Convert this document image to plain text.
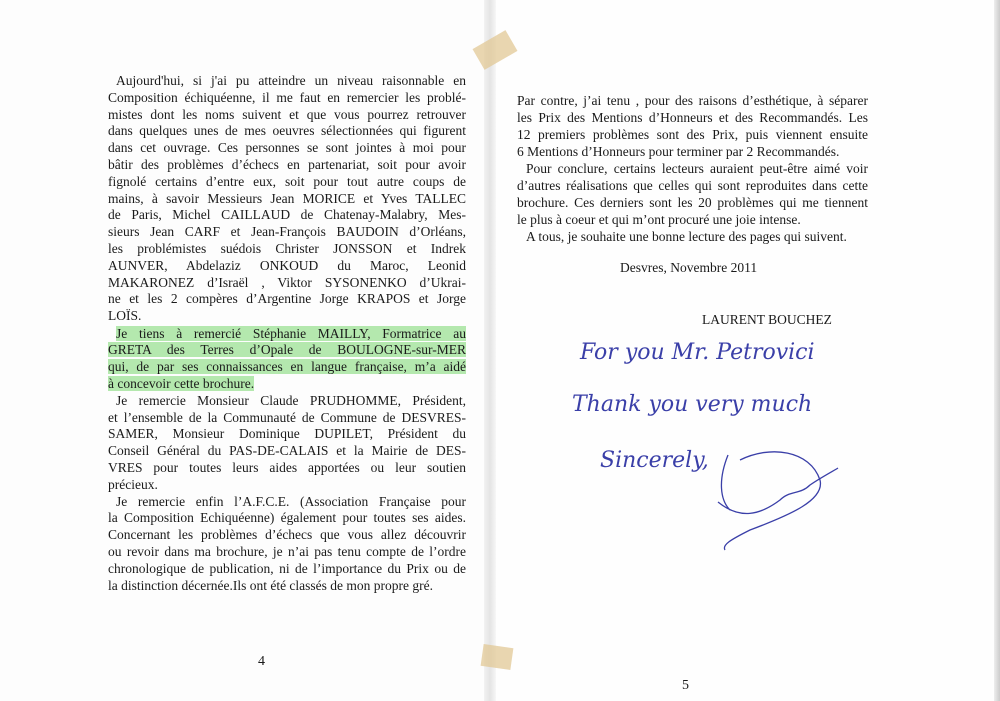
Aujourd'hui, si j'ai pu atteindre un niveau raisonnable en
Composition échiquéenne, il me faut en remercier les problé-
mistes dont les noms suivent et que vous pourrez retrouver
dans quelques unes de mes oeuvres sélectionnées qui figurent
dans cet ouvrage. Ces personnes se sont jointes à moi pour
bâtir des problèmes d’échecs en partenariat, soit pour avoir
fignolé certains d’entre eux, soit pour tout autre coups de
mains, à savoir Messieurs Jean MORICE et Yves TALLEC
de Paris, Michel CAILLAUD de Chatenay-Malabry, Mes-
sieurs Jean CARF et Jean-François BAUDOIN d’Orléans,
les problémistes suédois Christer JONSSON et Indrek
AUNVER, Abdelaziz ONKOUD du Maroc, Leonid
MAKARONEZ d’Israël , Viktor SYSONENKO d’Ukrai-
ne et les 2 compères d’Argentine Jorge KRAPOS et Jorge
LOÏS.
Je tiens à remercié Stéphanie MAILLY, Formatrice au
GRETA des Terres d’Opale de BOULOGNE-sur-MER
qui, de par ses connaissances en langue française, m’a aidé
à concevoir cette brochure.
Je remercie Monsieur Claude PRUDHOMME, Président,
et l’ensemble de la Communauté de Commune de DESVRES-
SAMER, Monsieur Dominique DUPILET, Président du
Conseil Général du PAS-DE-CALAIS et la Mairie de DES-
VRES pour toutes leurs aides apportées ou leur soutien
précieux.
Je remercie enfin l’A.F.C.E. (Association Française pour
la Composition Echiquéenne) également pour toutes ses aides.
Concernant les problèmes d’échecs que vous allez découvrir
ou revoir dans ma brochure, je n’ai pas tenu compte de l’ordre
chronologique de publication, ni de l’importance du Prix ou de
la distinction décernée.Ils ont été classés de mon propre gré.
Par contre, j’ai tenu , pour des raisons d’esthétique, à séparer
les Prix des Mentions d’Honneurs et des Recommandés. Les
12 premiers problèmes sont des Prix, puis viennent ensuite
6 Mentions d’Honneurs pour terminer par 2 Recommandés.
Pour conclure, certains lecteurs auraient peut-être aimé voir
d’autres réalisations que celles qui sont reproduites dans cette
brochure. Ces derniers sont les 20 problèmes qui me tiennent
le plus à coeur et qui m’ont procuré une joie intense.
A tous, je souhaite une bonne lecture des pages qui suivent.
Desvres, Novembre 2011
LAURENT BOUCHEZ
For you Mr. Petrovici
Thank you very much
Sincerely,
4
5
